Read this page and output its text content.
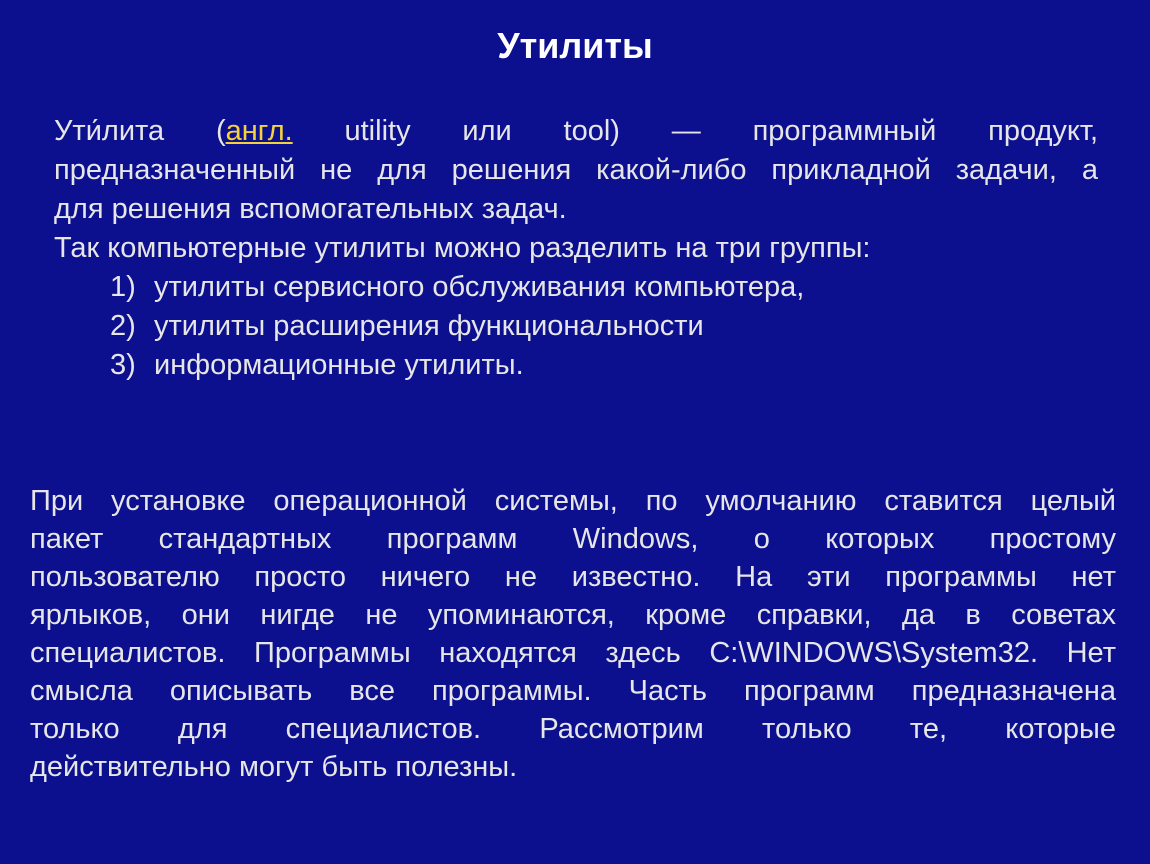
Утилиты
Ути́лита (англ. utility или tool) — программный продукт,
предназначенный не для решения какой-либо прикладной задачи, а
для решения вспомогательных задач.
Так компьютерные утилиты можно разделить на три группы:
1) утилиты сервисного обслуживания компьютера,
2) утилиты расширения функциональности
3) информационные утилиты.
При установке операционной системы, по умолчанию ставится целый
пакет стандартных программ Windows, о которых простому
пользователю просто ничего не известно. На эти программы нет
ярлыков, они нигде не упоминаются, кроме справки, да в советах
специалистов. Программы находятся здесь C:\WINDOWS\System32. Нет
смысла описывать все программы. Часть программ предназначена
только для специалистов. Рассмотрим только те, которые
действительно могут быть полезны.
